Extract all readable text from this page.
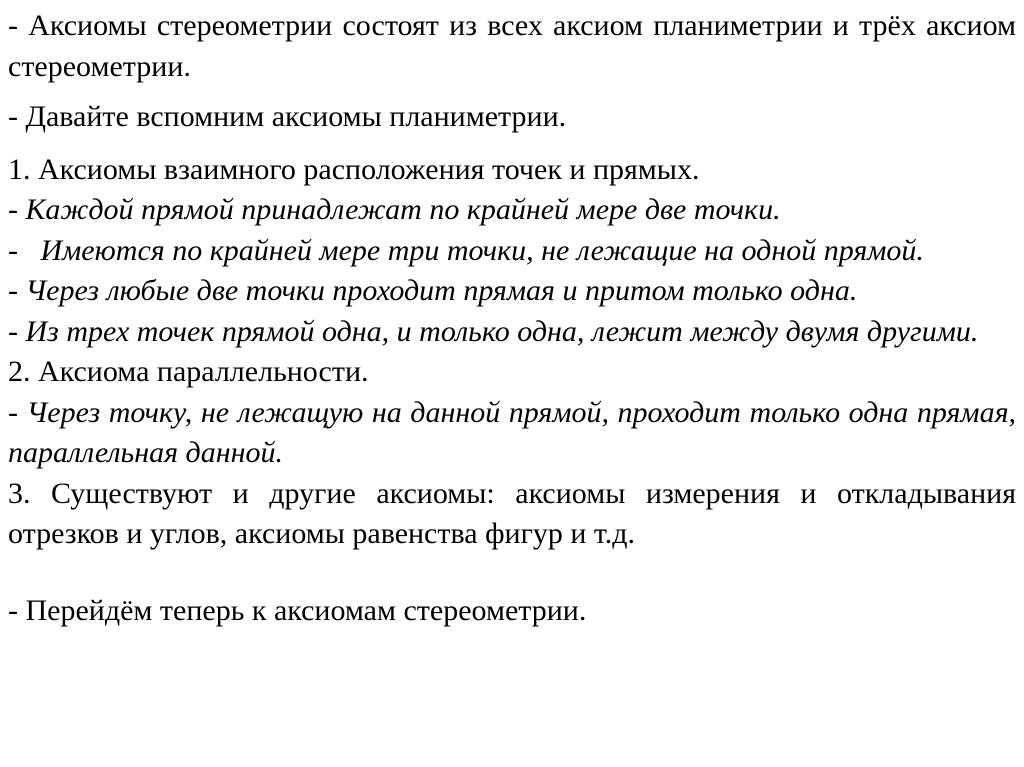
- Аксиомы стереометрии состоят из всех аксиом планиметрии и трёх аксиом стереометрии.

- Давайте вспомним аксиомы планиметрии.

1. Аксиомы взаимного расположения точек и прямых.

- Каждой прямой принадлежат по крайней мере две точки.

- Имеются по крайней мере три точки, не лежащие на одной прямой.

- Через любые две точки проходит прямая и притом только одна.

- Из трех точек прямой одна, и только одна, лежит между двумя другими.

2. Аксиома параллельности.

- Через точку, не лежащую на данной прямой, проходит только одна прямая, параллельная данной.

3. Существуют и другие аксиомы: аксиомы измерения и откладывания отрезков и углов, аксиомы равенства фигур и т.д.

- Перейдём теперь к аксиомам стереометрии.
